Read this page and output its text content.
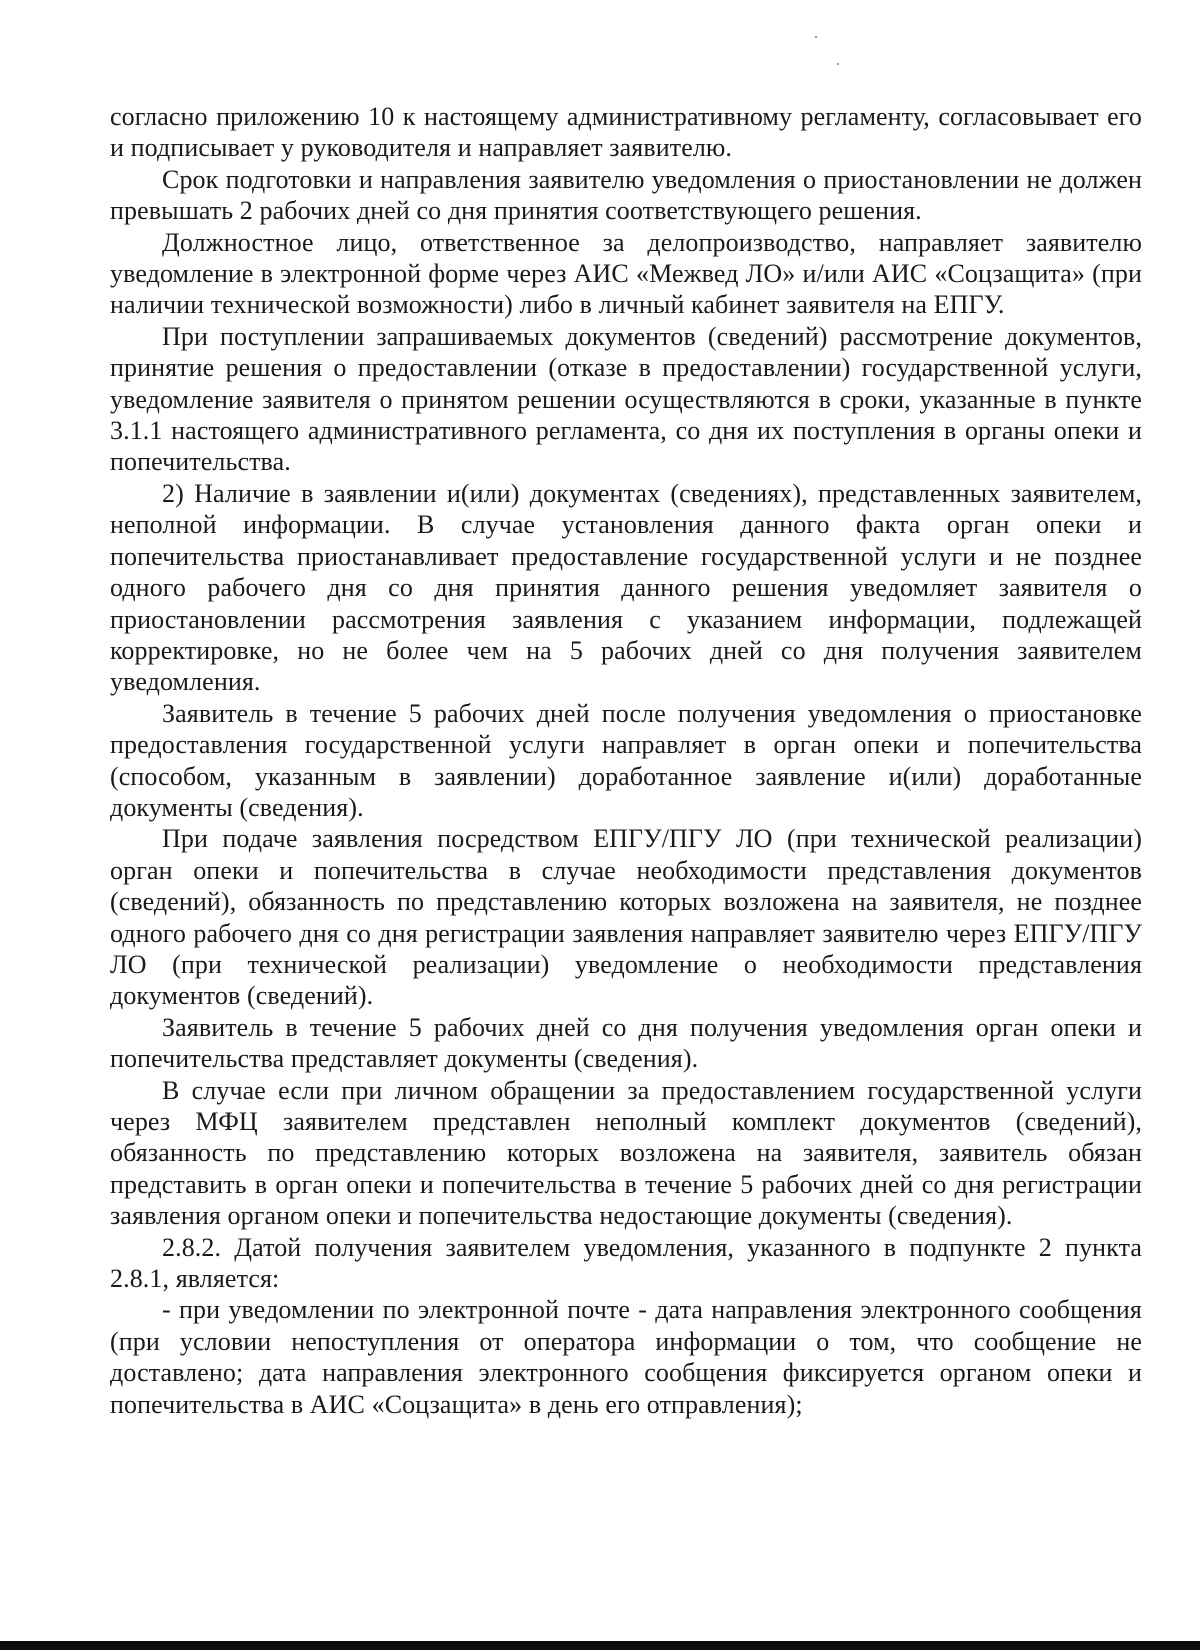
согласно приложению 10 к настоящему административному регламенту, согласовывает его и подписывает у руководителя и направляет заявителю.

Срок подготовки и направления заявителю уведомления о приостановлении не должен превышать 2 рабочих дней со дня принятия соответствующего решения.

Должностное лицо, ответственное за делопроизводство, направляет заявителю уведомление в электронной форме через АИС «Межвед ЛО» и/или АИС «Соцзащита» (при наличии технической возможности) либо в личный кабинет заявителя на ЕПГУ.

При поступлении запрашиваемых документов (сведений) рассмотрение документов, принятие решения о предоставлении (отказе в предоставлении) государственной услуги, уведомление заявителя о принятом решении осуществляются в сроки, указанные в пункте 3.1.1 настоящего административного регламента, со дня их поступления в органы опеки и попечительства.

2) Наличие в заявлении и(или) документах (сведениях), представленных заявителем, неполной информации. В случае установления данного факта орган опеки и попечительства приостанавливает предоставление государственной услуги и не позднее одного рабочего дня со дня принятия данного решения уведомляет заявителя о приостановлении рассмотрения заявления с указанием информации, подлежащей корректировке, но не более чем на 5 рабочих дней со дня получения заявителем уведомления.

Заявитель в течение 5 рабочих дней после получения уведомления о приостановке предоставления государственной услуги направляет в орган опеки и попечительства (способом, указанным в заявлении) доработанное заявление и(или) доработанные документы (сведения).

При подаче заявления посредством ЕПГУ/ПГУ ЛО (при технической реализации) орган опеки и попечительства в случае необходимости представления документов (сведений), обязанность по представлению которых возложена на заявителя, не позднее одного рабочего дня со дня регистрации заявления направляет заявителю через ЕПГУ/ПГУ ЛО (при технической реализации) уведомление о необходимости представления документов (сведений).

Заявитель в течение 5 рабочих дней со дня получения уведомления орган опеки и попечительства представляет документы (сведения).

В случае если при личном обращении за предоставлением государственной услуги через МФЦ заявителем представлен неполный комплект документов (сведений), обязанность по представлению которых возложена на заявителя, заявитель обязан представить в орган опеки и попечительства в течение 5 рабочих дней со дня регистрации заявления органом опеки и попечительства недостающие документы (сведения).

2.8.2. Датой получения заявителем уведомления, указанного в подпункте 2 пункта 2.8.1, является:

- при уведомлении по электронной почте - дата направления электронного сообщения (при условии непоступления от оператора информации о том, что сообщение не доставлено; дата направления электронного сообщения фиксируется органом опеки и попечительства в АИС «Соцзащита» в день его отправления);
